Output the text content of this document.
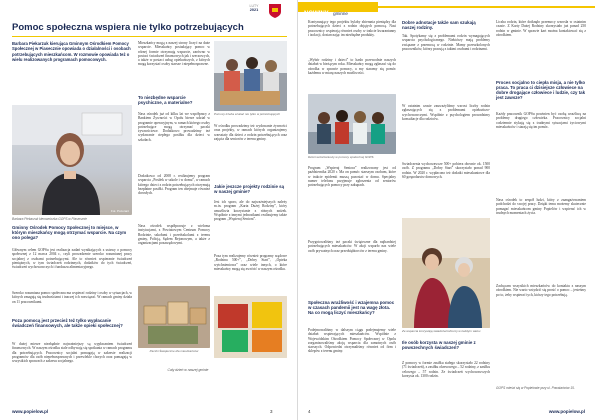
LUTY
2021
Pomoc społeczna wspiera nie tylko potrzebujących
Barbara Piekarzuk kierująca Gminnym Ośrodkiem Pomocy Społecznej w Piasecznie opowiada o działalności i osobach potrzebujących mieszkańcom. W rozmowie opowiada też o wielu realizowanych programach pomocowych.
Fot. Pozorant
Barbara Piekarzuk kierowniczka GOPS w Piasecznie
Gminny Ośrodek Pomocy Społecznej to miejsce, w którym mieszkańcy mogą otrzymać wsparcie. Na czym ono polega?
Głównym celem GOPSu jest realizacja zadań wynikających z ustawy o pomocy społecznej z 12 marca 2004 r., czyli prowadzenie szeroko rozumianej pracy socjalnej z osobami potrzebującymi. Ale to również wspieranie świadczeń pieniężnych, w tym świadczeń rodzinnych, dodatków do tych świadczeń, świadczeń wychowawczych i funduszu alimentacyjnego.
Szeroko rozumiana pomoc społeczna ma wspierać rodziny i osoby w sytuacjach, w których zmagają się trudnościami i inaczej ich rozwiązać. W ramach gminy działa on 11 pracownikami.
Poza pomocą jest przecież też tylko wypłacanie świadczeń finansowych, ale także opieki społecznej?
W dużej mierze niezbędnie najważniejszy są wypłacaniem świadczeń finansowych. W naszym ośrodku stale odbywają się spotkania w ramach programu dla potrzebujących. Pracownicy socjalni pomagają w zakresie realizacji programów dla osób niepełnosprawnych i przewlekle chorych oraz pomagają w wszystkich sprawach z zakresu socjalnego.
Mieszkańcy mogą z naszej strony liczyć na duże wsparcie. Mieszkańcy posiadający pomoc w różnej formie otrzymują wsparcie, zarówno w postaci świadczeń finansowych jak i rzeczowych, a także w postaci usług opiekuńczych, z których mogą korzystać osoby starsze i niepełnosprawne.
To niezbędne wsparcie psychiczne, a materialne?
Nasz ośrodek już od kilku lat we współpracy z Bankiem Żywności w Opolu bierze udział w programie operacyjnym, w ramach którego osoby potrzebujące mogą otrzymać paczki żywnościowe. Dodatkowo prowadzimy też wydawanie ciepłego posiłku dla dzieci w szkołach.
Dodatkowo od 2008 r. realizujemy program wsparcia „Posiłek w szkole i w domu”, w ramach którego dzieci z rodzin potrzebujących otrzymują bezpłatne posiłki. Program ten obejmuje również dorosłych.
Nasz ośrodek współpracuje z wieloma instytucjami, z Powiatowym Centrum Pomocy Rodzinie, szkołami i przedszkolami z terenu gminy, Policją, Sądem Rejonowym, a także z organizacjami pozarządowymi.
Pomocy trzeba szukać nie tylko w potrzebujących
W ośrodku prowadzimy też wydawanie żywności oraz projekty, w ramach których organizujemy warsztaty dla dzieci z rodzin potrzebujących oraz zajęcia dla seniorów z terenu gminy.
Paczki Świąteczne dla mieszkańców
Jakie jeszcze projekty rodzinie są w naszej gminie?
Jest ich sporo, ale do najważniejszych należy m.in. program „Karta Dużej Rodziny”, który umożliwia korzystanie z różnych zniżek. Wspólnie z innymi jednostkami realizujemy także program „Wspieraj Seniora”.
Poza tym realizujemy również programy rządowe „Rodzina 500+”, „Dobry Start”, „Opieka wytchnieniowa” oraz wiele innych, o które mieszkańcy mogą się zwrócić w naszym ośrodku.
Cały dzień w naszej gminie
www.popielow.pl	3
NOWINY gminne
Kontynuujący tego projektu bylaby zbierania pieniędzy dla potrzebujących dzieci z rodzin objętych pomocą. Nasi pracownicy wspierają również osoby w trakcie kwarantanny i izolacji, dostarczając im niezbędne produkty.
„Wybór rodziny i dzieci” to hasło przewodnie naszych działań w bieżącym roku. Mieszkańcy mogą zgłaszać się do ośrodka w sprawie pomocy, a my staramy się pomóc każdemu w miarę naszych możliwości.
Dzień wolontariuszy w pomocy społecznej GOPS
Program „Wspieraj Seniora” realizowany jest od października 2020 r. Ma on pomóc starszym osobom, które w trakcie epidemii muszą pozostać w domu. Specjalny numer telefonu przyjmuje zgłoszenia od seniorów potrzebujących pomocy przy zakupach.
Społeczna wrażliwość i wzajemna pomoc w czasach pandemii jest na wagę złota. Na co mogą liczyć mieszkańcy?
Podejmowaliśmy w dalszym ciągu podejmujemy wiele działań wspierających mieszkańców. Wspólnie z Wojewódzkim Ośrodkiem Pomocy Społecznej w Opolu zorganizowaliśmy akcję wsparcia dla samotnych osób starszych. Odpowiedzi otrzymaliśmy również od firm i sklepów z terenu gminy.
Przygotowaliśmy też paczki świąteczne dla najbardziej potrzebujących mieszkańców. W akcji wsparło nas wiele osób prywatnych oraz przedsiębiorców z terenu gminy.
Dobre adnotacje także sam szukają naszej rodziny.
Tak. Spotykamy się z problemami rodzin wymagających wsparcia psychologicznego. Niektórzy mają problemy związane z przemocą w rodzinie. Mamy przeszkolonych pracowników, którzy pracują z takimi osobami i rodzinami.
W ostatnim czasie zauważyliśmy wzrost liczby rodzin zgłaszających się z problemami opiekuńczo-wychowawczymi. Wspólnie z psychologiem prowadzimy konsultacje dla rodziców.
Ze wsparcia korzystają świadczeniobiorcy w każdym wieku
Ile osób korzysta w naszej gminie z powszechnych świadczeń?
Z pomocy w formie zasiłku stałego skorzystało 22 rodziny (71 świadczeń), z zasiłku okresowego – 52 rodziny, z zasiłku celowego – 57 rodzin. Ze świadczeń wychowawczych korzysta ok. 1300 rodzin.
Świadczenia wychowawcze 500+ pobiera obecnie ok. 1500 osób. Z programu „Dobry Start” skorzystało ponad 900 rodzin. W 2020 r. wypłacono też dodatki mieszkaniowe dla 60 gospodarstw domowych.
Liczba rodzin, które dotknęło przemocy wzrosła w ostatnim czasie. Z Karty Dużej Rodziny skorzystało już ponad 250 rodzin w gminie. W sprawie kart można kontaktować się z ośrodkiem.
Proces socjalno to ciepła misja, a nie tylko praca. To praca ci dzisiejsze człowiece na dobre drogające człowiece i ludzie, czy tak jest zawsze?
Każdy pracownik GOPSu powinien być osobą wrażliwą na problemy drugiego człowieka. Pracownicy socjalni codziennie stykają się z trudnymi sytuacjami życiowymi mieszkańców i starają się im pomóc.
Nasz ośrodek to zespół ludzi, który z zaangażowaniem podchodzi do swojej pracy. Dzięki temu możemy skutecznie pomagać mieszkańcom gminy Popielów i wspierać ich w trudnych momentach życia.
Zachęcam wszystkich mieszkańców do kontaktu z naszym ośrodkiem. Nie warto wstydzić się prosić o pomoc – jesteśmy po to, żeby wspierać tych, którzy tego potrzebują.
GOPS mieści się w Popielowie przy ul. Powstańców 15.
4	www.popielow.pl
